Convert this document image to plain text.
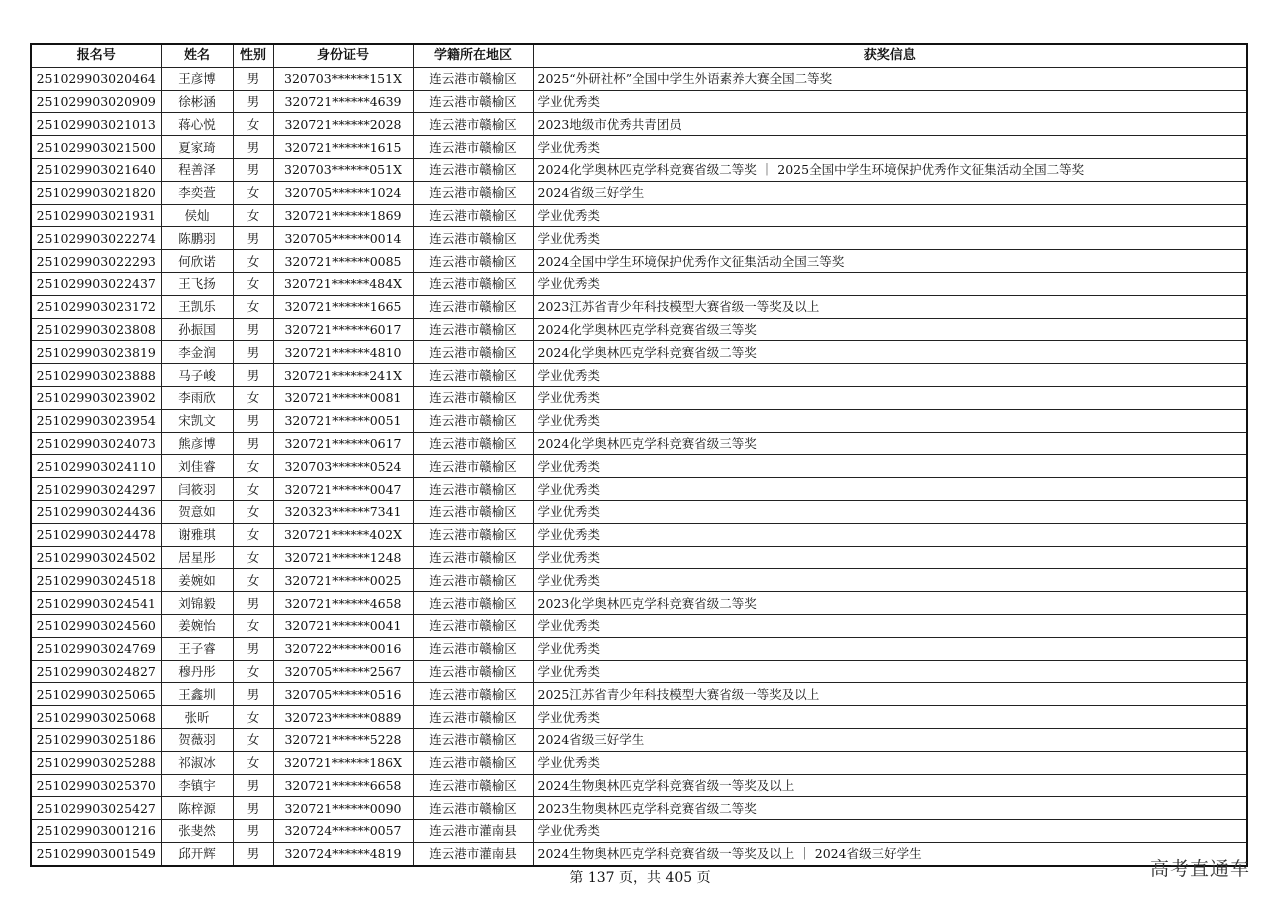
报名号	姓名	性别	身份证号	学籍所在地区	获奖信息
251029903020464	王彦博	男	320703******151X	连云港市赣榆区	2025“外研社杯”全国中学生外语素养大赛全国二等奖
251029903020909	徐彬涵	男	320721******4639	连云港市赣榆区	学业优秀类
251029903021013	蒋心悦	女	320721******2028	连云港市赣榆区	2023地级市优秀共青团员
251029903021500	夏家琦	男	320721******1615	连云港市赣榆区	学业优秀类
251029903021640	程善泽	男	320703******051X	连云港市赣榆区	2024化学奥林匹克学科竞赛省级二等奖 ｜ 2025全国中学生环境保护优秀作文征集活动全国二等奖
251029903021820	李奕萱	女	320705******1024	连云港市赣榆区	2024省级三好学生
251029903021931	侯灿	女	320721******1869	连云港市赣榆区	学业优秀类
251029903022274	陈鹏羽	男	320705******0014	连云港市赣榆区	学业优秀类
251029903022293	何欣诺	女	320721******0085	连云港市赣榆区	2024全国中学生环境保护优秀作文征集活动全国三等奖
251029903022437	王飞扬	女	320721******484X	连云港市赣榆区	学业优秀类
251029903023172	王凯乐	女	320721******1665	连云港市赣榆区	2023江苏省青少年科技模型大赛省级一等奖及以上
251029903023808	孙振国	男	320721******6017	连云港市赣榆区	2024化学奥林匹克学科竞赛省级三等奖
251029903023819	李金润	男	320721******4810	连云港市赣榆区	2024化学奥林匹克学科竞赛省级二等奖
251029903023888	马子峻	男	320721******241X	连云港市赣榆区	学业优秀类
251029903023902	李雨欣	女	320721******0081	连云港市赣榆区	学业优秀类
251029903023954	宋凯文	男	320721******0051	连云港市赣榆区	学业优秀类
251029903024073	熊彦博	男	320721******0617	连云港市赣榆区	2024化学奥林匹克学科竞赛省级三等奖
251029903024110	刘佳睿	女	320703******0524	连云港市赣榆区	学业优秀类
251029903024297	闫筱羽	女	320721******0047	连云港市赣榆区	学业优秀类
251029903024436	贺意如	女	320323******7341	连云港市赣榆区	学业优秀类
251029903024478	谢雅琪	女	320721******402X	连云港市赣榆区	学业优秀类
251029903024502	居星彤	女	320721******1248	连云港市赣榆区	学业优秀类
251029903024518	姜婉如	女	320721******0025	连云港市赣榆区	学业优秀类
251029903024541	刘锦毅	男	320721******4658	连云港市赣榆区	2023化学奥林匹克学科竞赛省级二等奖
251029903024560	姜婉怡	女	320721******0041	连云港市赣榆区	学业优秀类
251029903024769	王子睿	男	320722******0016	连云港市赣榆区	学业优秀类
251029903024827	穆丹彤	女	320705******2567	连云港市赣榆区	学业优秀类
251029903025065	王鑫圳	男	320705******0516	连云港市赣榆区	2025江苏省青少年科技模型大赛省级一等奖及以上
251029903025068	张昕	女	320723******0889	连云港市赣榆区	学业优秀类
251029903025186	贺薇羽	女	320721******5228	连云港市赣榆区	2024省级三好学生
251029903025288	祁淑冰	女	320721******186X	连云港市赣榆区	学业优秀类
251029903025370	李镇宇	男	320721******6658	连云港市赣榆区	2024生物奥林匹克学科竞赛省级一等奖及以上
251029903025427	陈梓源	男	320721******0090	连云港市赣榆区	2023生物奥林匹克学科竞赛省级二等奖
251029903001216	张斐然	男	320724******0057	连云港市灌南县	学业优秀类
251029903001549	邱开辉	男	320724******4819	连云港市灌南县	2024生物奥林匹克学科竞赛省级一等奖及以上 ｜ 2024省级三好学生
第 137 页，共 405 页	高考直通车
